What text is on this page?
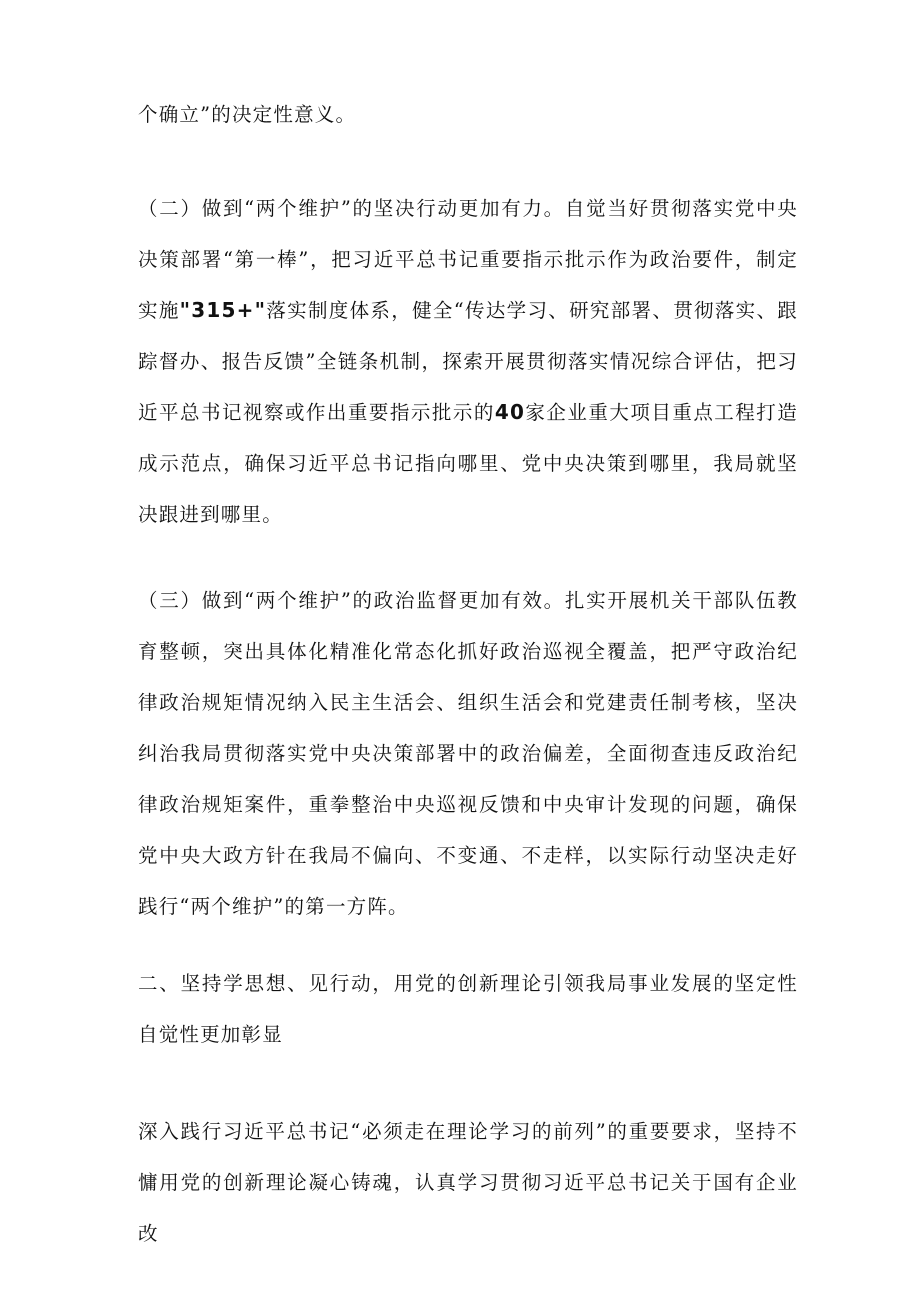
个确立”的决定性意义。

（二）做到“两个维护”的坚决行动更加有力。自觉当好贯彻落实党中央决策部署“第一棒”，把习近平总书记重要指示批示作为政治要件，制定实施"315+"落实制度体系，健全“传达学习、研究部署、贯彻落实、跟踪督办、报告反馈”全链条机制，探索开展贯彻落实情况综合评估，把习近平总书记视察或作出重要指示批示的40家企业重大项目重点工程打造成示范点，确保习近平总书记指向哪里、党中央决策到哪里，我局就坚决跟进到哪里。

（三）做到“两个维护”的政治监督更加有效。扎实开展机关干部队伍教育整顿，突出具体化精准化常态化抓好政治巡视全覆盖，把严守政治纪律政治规矩情况纳入民主生活会、组织生活会和党建责任制考核，坚决纠治我局贯彻落实党中央决策部署中的政治偏差，全面彻查违反政治纪律政治规矩案件，重拳整治中央巡视反馈和中央审计发现的问题，确保党中央大政方针在我局不偏向、不变通、不走样，以实际行动坚决走好践行“两个维护”的第一方阵。

二、坚持学思想、见行动，用党的创新理论引领我局事业发展的坚定性自觉性更加彰显

深入践行习近平总书记“必须走在理论学习的前列”的重要要求，坚持不慵用党的创新理论凝心铸魂，认真学习贯彻习近平总书记关于国有企业改
